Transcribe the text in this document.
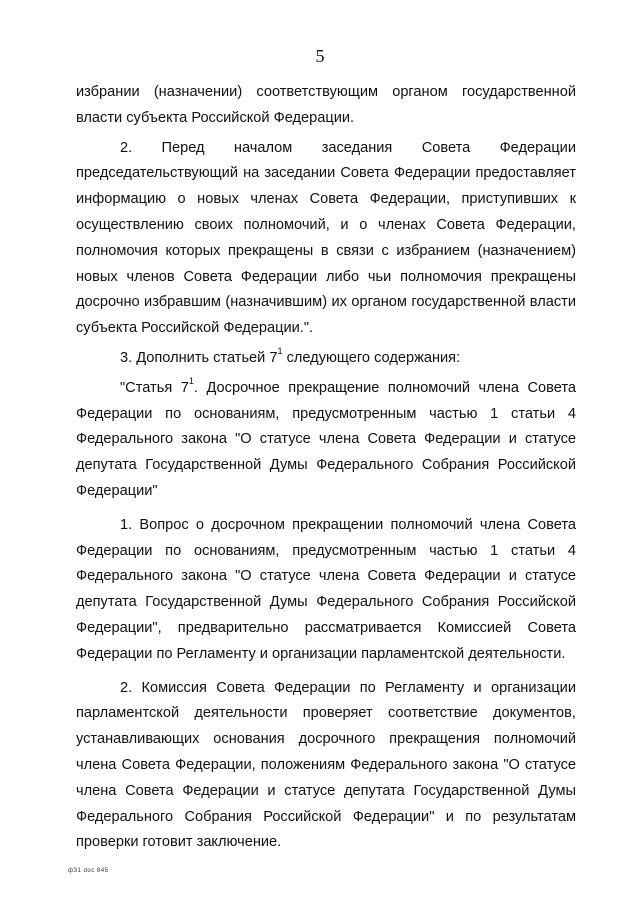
5

избрании (назначении) соответствующим органом государственной власти субъекта Российской Федерации.

2. Перед началом заседания Совета Федерации председательствующий на заседании Совета Федерации предоставляет информацию о новых членах Совета Федерации, приступивших к осуществлению своих полномочий, и о членах Совета Федерации, полномочия которых прекращены в связи с избранием (назначением) новых членов Совета Федерации либо чьи полномочия прекращены досрочно избравшим (назначившим) их органом государственной власти субъекта Российской Федерации.".

3. Дополнить статьей $7^1$ следующего содержания:

"Статья $7^1$. Досрочное прекращение полномочий члена Совета Федерации по основаниям, предусмотренным частью 1 статьи 4 Федерального закона "О статусе члена Совета Федерации и статусе депутата Государственной Думы Федерального Собрания Российской Федерации"

1. Вопрос о досрочном прекращении полномочий члена Совета Федерации по основаниям, предусмотренным частью 1 статьи 4 Федерального закона "О статусе члена Совета Федерации и статусе депутата Государственной Думы Федерального Собрания Российской Федерации", предварительно рассматривается Комиссией Совета Федерации по Регламенту и организации парламентской деятельности.

2. Комиссия Совета Федерации по Регламенту и организации парламентской деятельности проверяет соответствие документов, устанавливающих основания досрочного прекращения полномочий члена Совета Федерации, положениям Федерального закона "О статусе члена Совета Федерации и статусе депутата Государственной Думы Федерального Собрания Российской Федерации" и по результатам проверки готовит заключение.

фЗ1 doc 845
